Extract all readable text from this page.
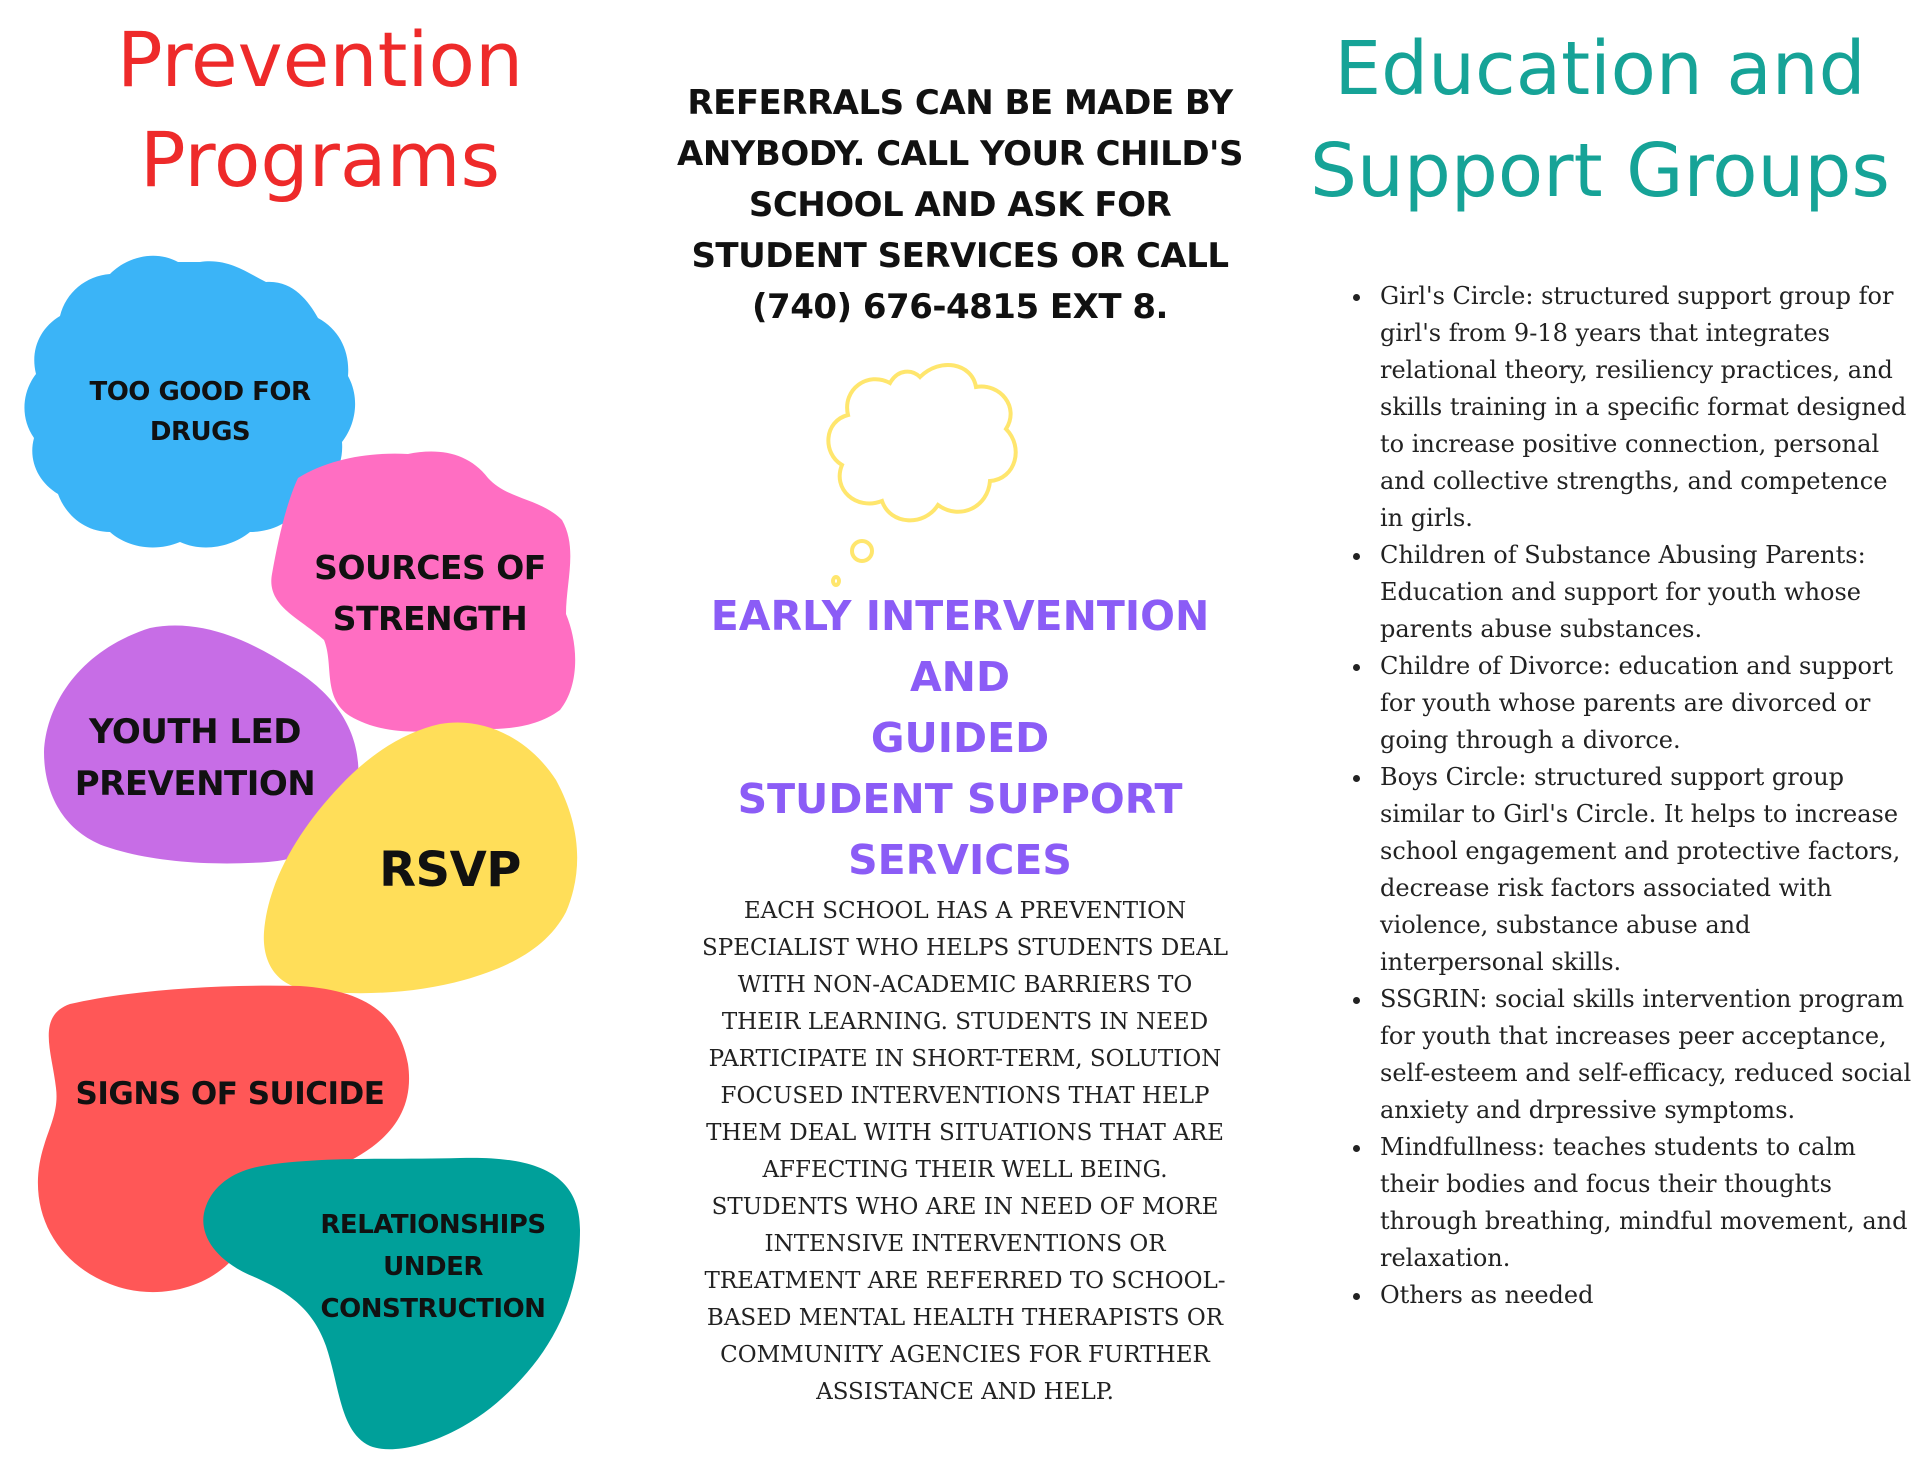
Prevention
Programs
TOO GOOD FOR
DRUGS
SOURCES OF
STRENGTH
YOUTH LED
PREVENTION
RSVP
SIGNS OF SUICIDE
RELATIONSHIPS
UNDER
CONSTRUCTION

REFERRALS CAN BE MADE BY ANYBODY. CALL YOUR CHILD'S SCHOOL AND ASK FOR STUDENT SERVICES OR CALL (740) 676-4815 EXT 8.

EARLY INTERVENTION
AND
GUIDED
STUDENT SUPPORT
SERVICES

EACH SCHOOL HAS A PREVENTION SPECIALIST WHO HELPS STUDENTS DEAL WITH NON-ACADEMIC BARRIERS TO THEIR LEARNING. STUDENTS IN NEED PARTICIPATE IN SHORT-TERM, SOLUTION FOCUSED INTERVENTIONS THAT HELP THEM DEAL WITH SITUATIONS THAT ARE AFFECTING THEIR WELL BEING. STUDENTS WHO ARE IN NEED OF MORE INTENSIVE INTERVENTIONS OR TREATMENT ARE REFERRED TO SCHOOL-BASED MENTAL HEALTH THERAPISTS OR COMMUNITY AGENCIES FOR FURTHER ASSISTANCE AND HELP.

Education and
Support Groups
• Girl's Circle: structured support group for girl's from 9-18 years that integrates relational theory, resiliency practices, and skills training in a specific format designed to increase positive connection, personal and collective strengths, and competence in girls.
• Children of Substance Abusing Parents: Education and support for youth whose parents abuse substances.
• Childre of Divorce: education and support for youth whose parents are divorced or going through a divorce.
• Boys Circle: structured support group similar to Girl's Circle. It helps to increase school engagement and protective factors, decrease risk factors associated with violence, substance abuse and interpersonal skills.
• SSGRIN: social skills intervention program for youth that increases peer acceptance, self-esteem and self-efficacy, reduced social anxiety and drpressive symptoms.
• Mindfullness: teaches students to calm their bodies and focus their thoughts through breathing, mindful movement, and relaxation.
• Others as needed
